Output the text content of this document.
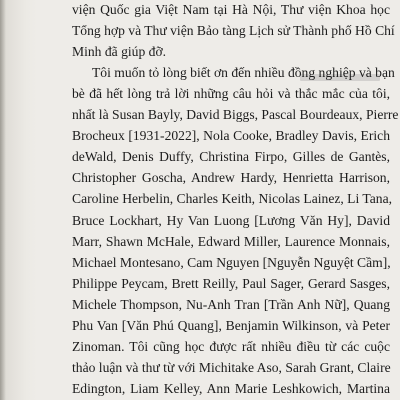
viện Quốc gia Việt Nam tại Hà Nội, Thư viện Khoa học
Tổng hợp và Thư viện Bảo tàng Lịch sử Thành phố Hồ Chí
Minh đã giúp đỡ.
Tôi muốn tỏ lòng biết ơn đến nhiều đồng nghiệp và bạn
bè đã hết lòng trả lời những câu hỏi và thắc mắc của tôi,
nhất là Susan Bayly, David Biggs, Pascal Bourdeaux, Pierre
Brocheux [1931-2022], Nola Cooke, Bradley Davis, Erich
deWald, Denis Duffy, Christina Firpo, Gilles de Gantès,
Christopher Goscha, Andrew Hardy, Henrietta Harrison,
Caroline Herbelin, Charles Keith, Nicolas Lainez, Li Tana,
Bruce Lockhart, Hy Van Luong [Lương Văn Hy], David
Marr, Shawn McHale, Edward Miller, Laurence Monnais,
Michael Montesano, Cam Nguyen [Nguyễn Nguyệt Cầm],
Philippe Peycam, Brett Reilly, Paul Sager, Gerard Sasges,
Michele Thompson, Nu-Anh Tran [Trần Anh Nữ], Quang
Phu Van [Văn Phú Quang], Benjamin Wilkinson, và Peter
Zinoman. Tôi cũng học được rất nhiều điều từ các cuộc
thảo luận và thư từ với Michitake Aso, Sarah Grant, Claire
Edington, Liam Kelley, Ann Marie Leshkowich, Martina
